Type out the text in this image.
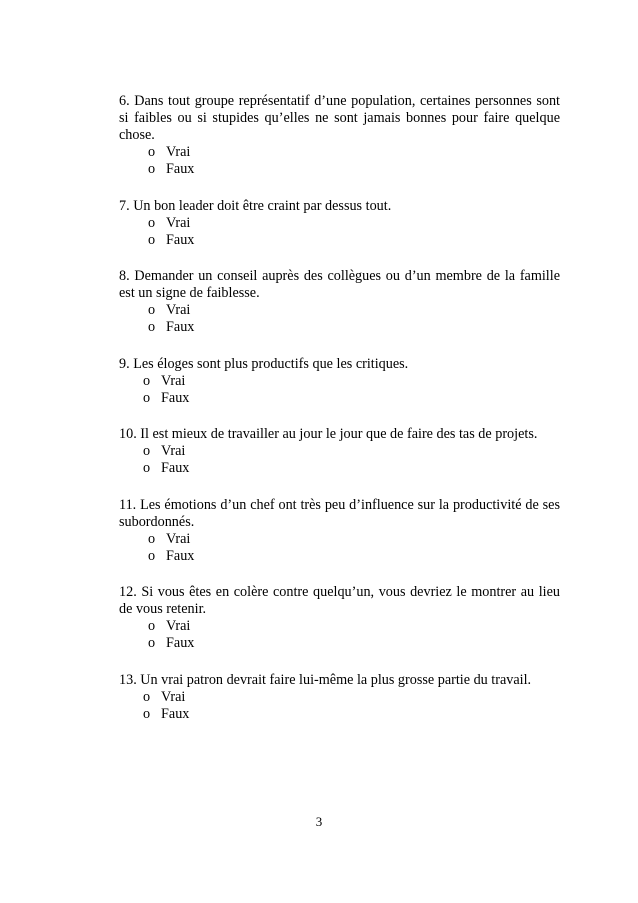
6. Dans tout groupe représentatif d’une population, certaines personnes sont si faibles ou si stupides qu’elles ne sont jamais bonnes pour faire quelque chose.

o Vrai
o Faux

7. Un bon leader doit être craint par dessus tout.

o Vrai
o Faux

8. Demander un conseil auprès des collègues ou d’un membre de la famille est un signe de faiblesse.

o Vrai
o Faux

9. Les éloges sont plus productifs que les critiques.

o Vrai
o Faux

10. Il est mieux de travailler au jour le jour que de faire des tas de projets.

o Vrai
o Faux

11. Les émotions d’un chef ont très peu d’influence sur la productivité de ses subordonnés.

o Vrai
o Faux

12. Si vous êtes en colère contre quelqu’un, vous devriez le montrer au lieu de vous retenir.

o Vrai
o Faux

13. Un vrai patron devrait faire lui-même la plus grosse partie du travail.

o Vrai
o Faux
3
